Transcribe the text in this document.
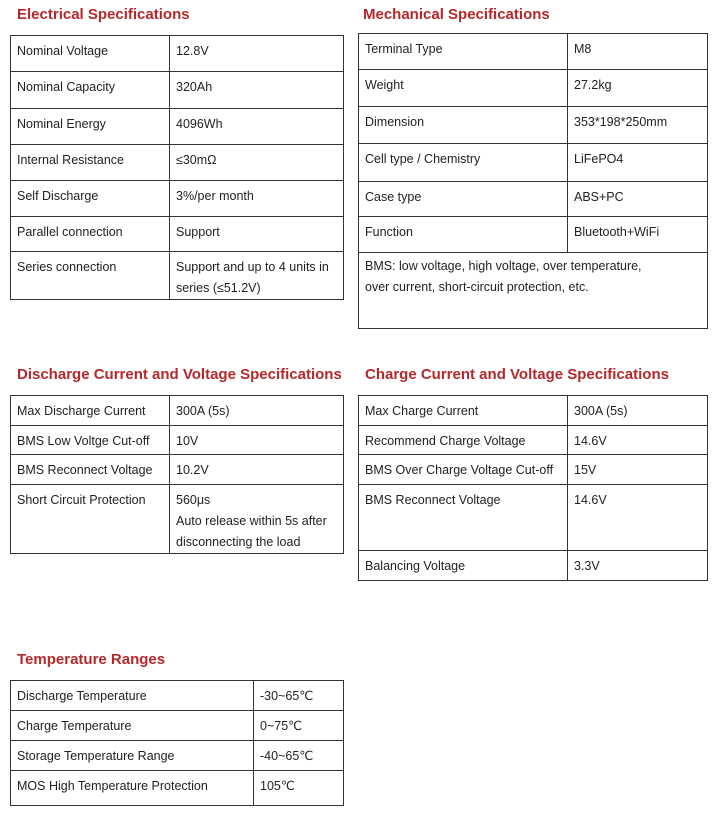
Electrical Specifications
Nominal Voltage	12.8V
Nominal Capacity	320Ah
Nominal Energy	4096Wh
Internal Resistance	≤30mΩ
Self Discharge	3%/per month
Parallel connection	Support
Series connection	Support and up to 4 units in
series (≤51.2V)
Mechanical Specifications
Terminal Type	M8
Weight	27.2kg
Dimension	353*198*250mm
Cell type / Chemistry	LiFePO4
Case type	ABS+PC
Function	Bluetooth+WiFi
BMS: low voltage, high voltage, over temperature,
over current, short-circuit protection, etc.	
Discharge Current and Voltage Specifications
Max Discharge Current	300A (5s)
BMS Low Voltge Cut-off	10V
BMS Reconnect Voltage	10.2V
Short Circuit Protection	560μs
Auto release within 5s after
disconnecting the load
Charge Current and Voltage Specifications
Max Charge Current	300A (5s)
Recommend Charge Voltage	14.6V
BMS Over Charge Voltage Cut-off	15V
BMS Reconnect Voltage	14.6V
Balancing Voltage	3.3V
Temperature Ranges
Discharge Temperature	-30~65℃
Charge Temperature	0~75℃
Storage Temperature Range	-40~65℃
MOS High Temperature Protection	105℃
